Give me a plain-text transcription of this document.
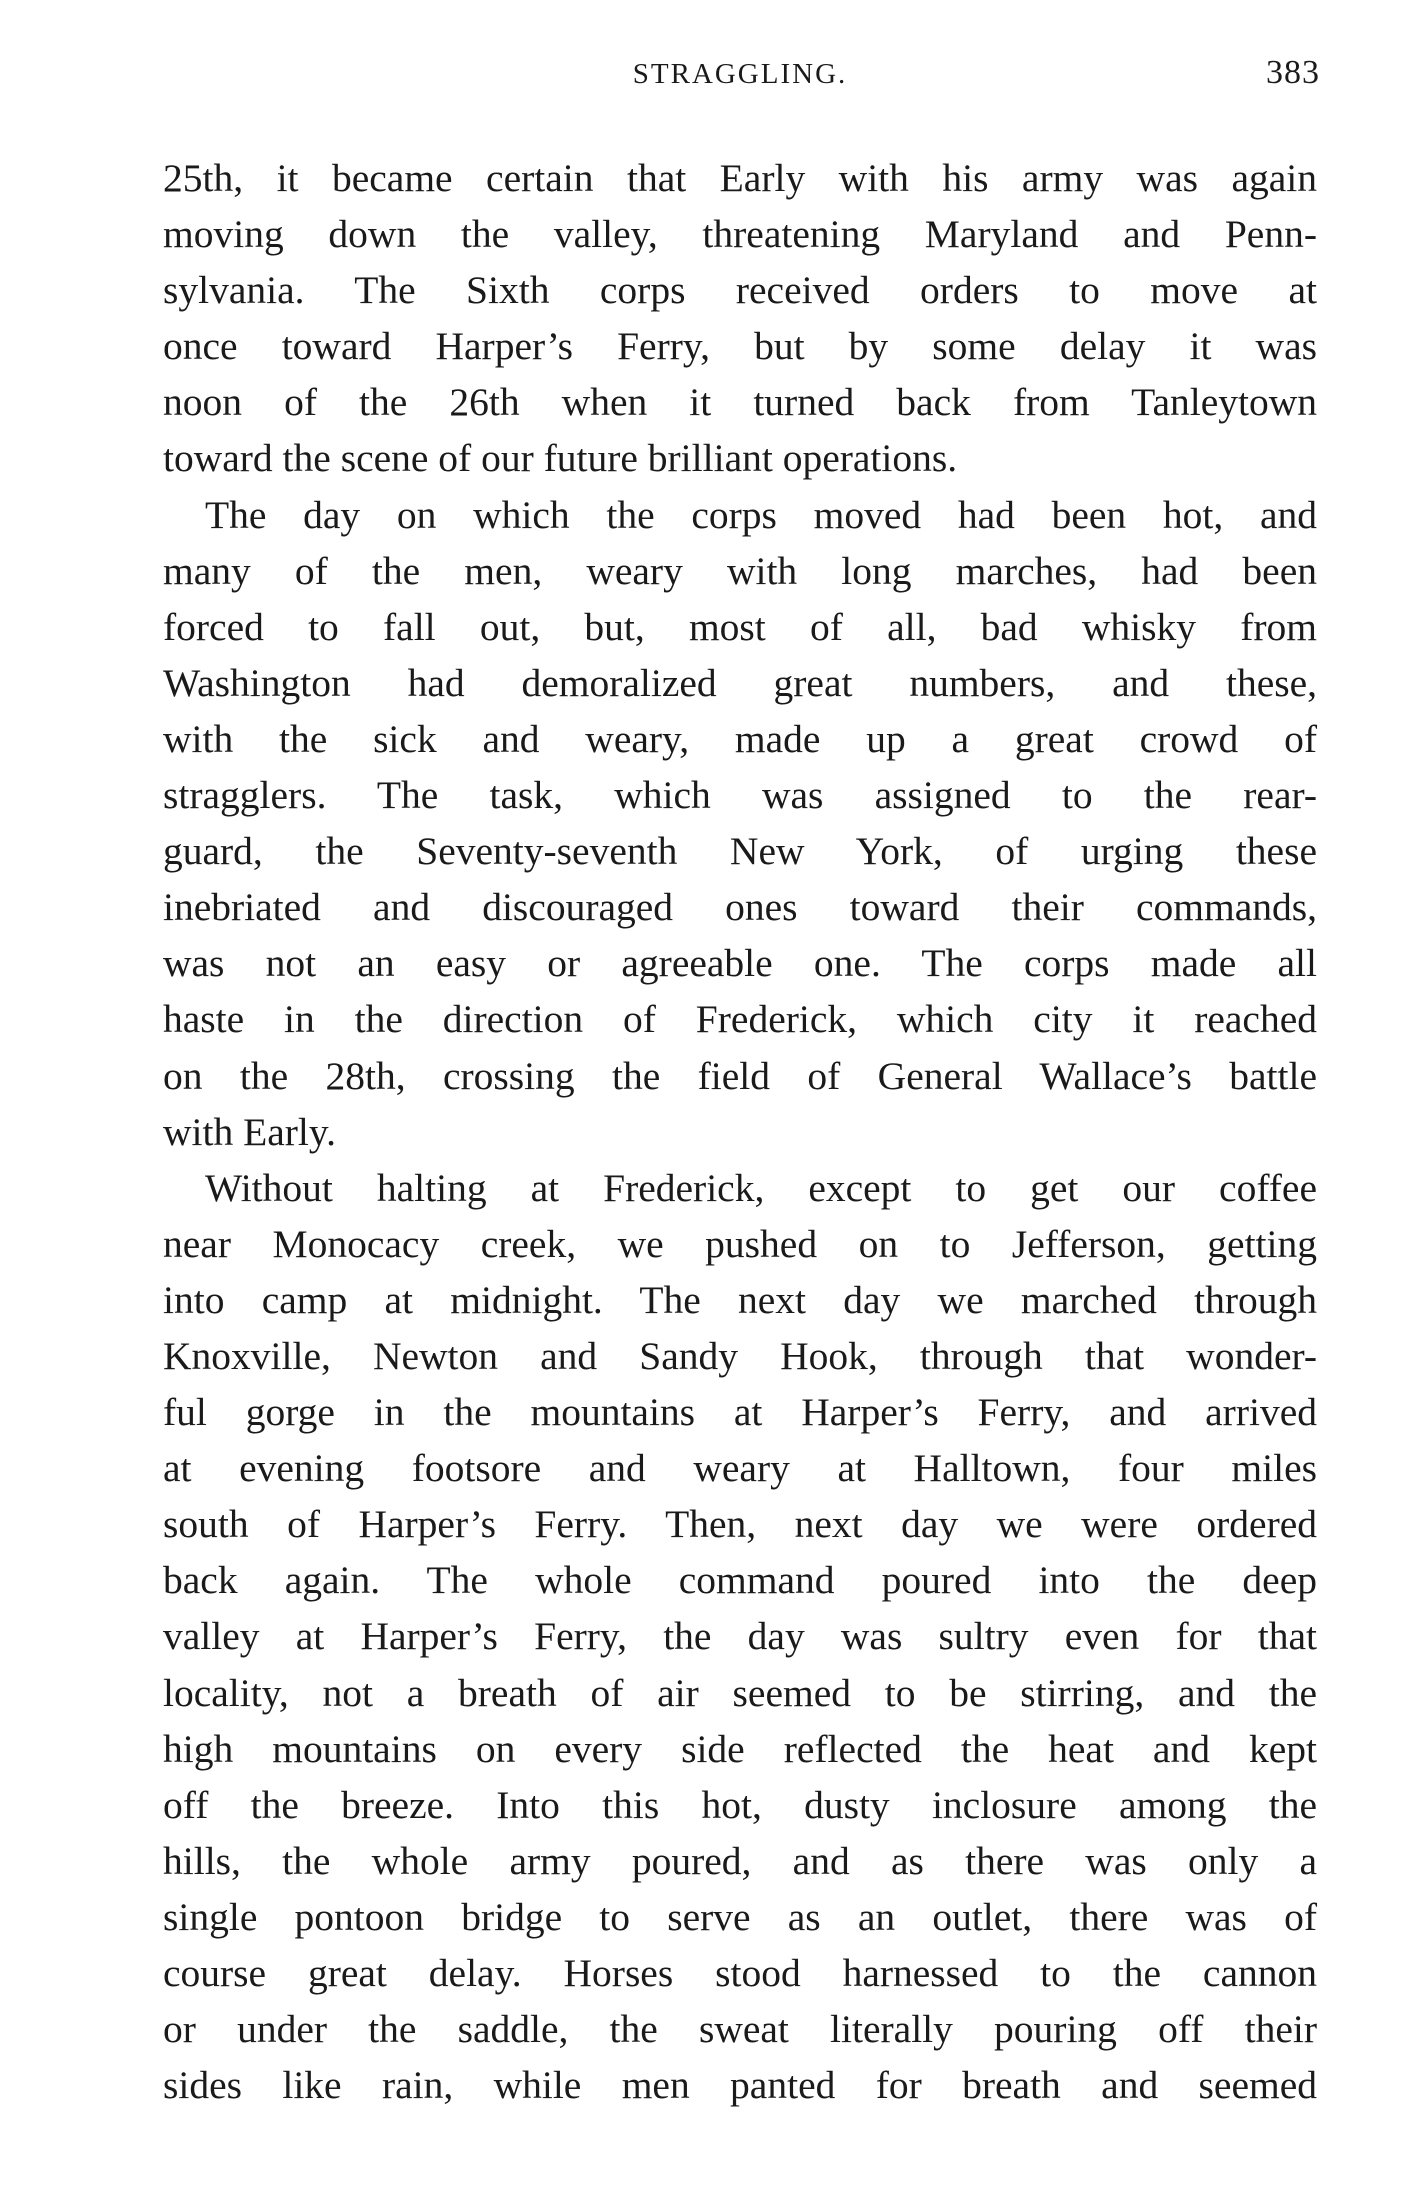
STRAGGLING.	383
25th, it became certain that Early with his army was again
moving down the valley, threatening Maryland and Penn-
sylvania. The Sixth corps received orders to move at
once toward Harper’s Ferry, but by some delay it was
noon of the 26th when it turned back from Tanleytown
toward the scene of our future brilliant operations.
The day on which the corps moved had been hot, and
many of the men, weary with long marches, had been
forced to fall out, but, most of all, bad whisky from
Washington had demoralized great numbers, and these,
with the sick and weary, made up a great crowd of
stragglers. The task, which was assigned to the rear-
guard, the Seventy-seventh New York, of urging these
inebriated and discouraged ones toward their commands,
was not an easy or agreeable one. The corps made all
haste in the direction of Frederick, which city it reached
on the 28th, crossing the field of General Wallace’s battle
with Early.
Without halting at Frederick, except to get our coffee
near Monocacy creek, we pushed on to Jefferson, getting
into camp at midnight. The next day we marched through
Knoxville, Newton and Sandy Hook, through that wonder-
ful gorge in the mountains at Harper’s Ferry, and arrived
at evening footsore and weary at Halltown, four miles
south of Harper’s Ferry. Then, next day we were ordered
back again. The whole command poured into the deep
valley at Harper’s Ferry, the day was sultry even for that
locality, not a breath of air seemed to be stirring, and the
high mountains on every side reflected the heat and kept
off the breeze. Into this hot, dusty inclosure among the
hills, the whole army poured, and as there was only a
single pontoon bridge to serve as an outlet, there was of
course great delay. Horses stood harnessed to the cannon
or under the saddle, the sweat literally pouring off their
sides like rain, while men panted for breath and seemed
